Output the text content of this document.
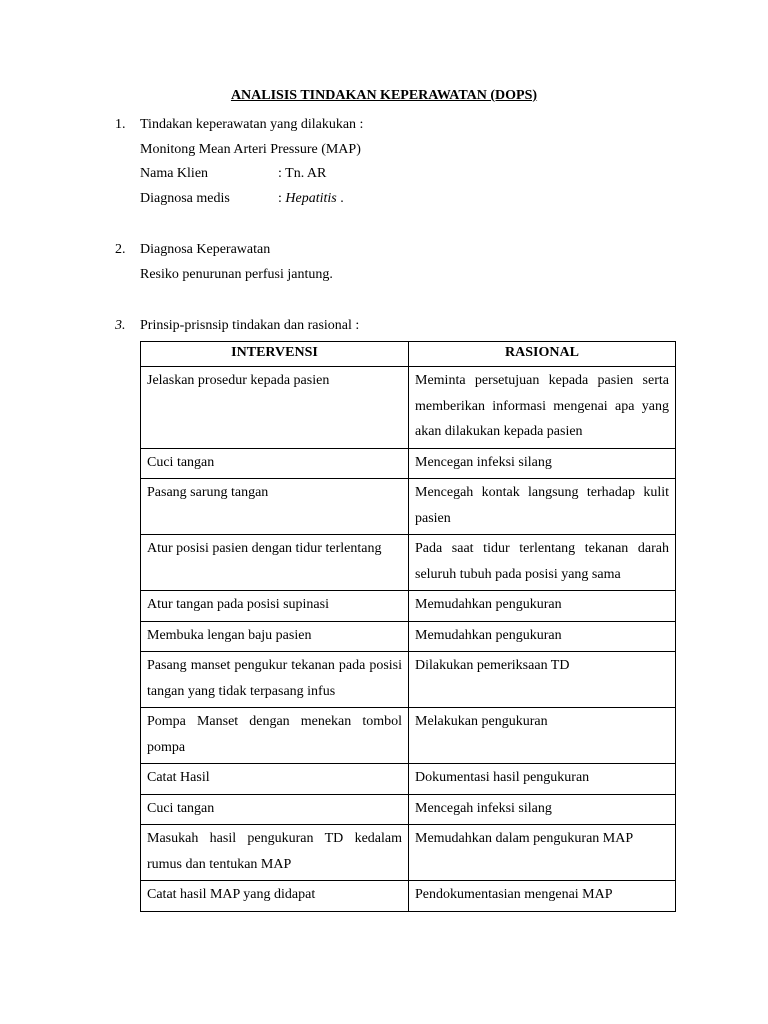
ANALISIS TINDAKAN KEPERAWATAN (DOPS)
1. Tindakan keperawatan yang dilakukan :
Monitong Mean Arteri Pressure (MAP)
Nama Klien	: Tn. AR
Diagnosa medis	: Hepatitis .
2. Diagnosa Keperawatan
Resiko penurunan perfusi jantung.
3. Prinsip-prisnsip tindakan dan rasional :
INTERVENSI	RASIONAL
Jelaskan prosedur kepada pasien	Meminta persetujuan kepada pasien serta memberikan informasi mengenai apa yang akan dilakukan kepada pasien
Cuci tangan	Mencegan infeksi silang
Pasang sarung tangan	Mencegah kontak langsung terhadap kulit pasien
Atur posisi pasien dengan tidur terlentang	Pada saat tidur terlentang tekanan darah seluruh tubuh pada posisi yang sama
Atur tangan pada posisi supinasi	Memudahkan pengukuran
Membuka lengan baju pasien	Memudahkan pengukuran
Pasang manset pengukur tekanan pada posisi tangan yang tidak terpasang infus	Dilakukan pemeriksaan TD
Pompa Manset dengan menekan tombol pompa	Melakukan pengukuran
Catat Hasil	Dokumentasi hasil pengukuran
Cuci tangan	Mencegah infeksi silang
Masukah hasil pengukuran TD kedalam rumus dan tentukan MAP	Memudahkan dalam pengukuran MAP
Catat hasil MAP yang didapat	Pendokumentasian mengenai MAP
